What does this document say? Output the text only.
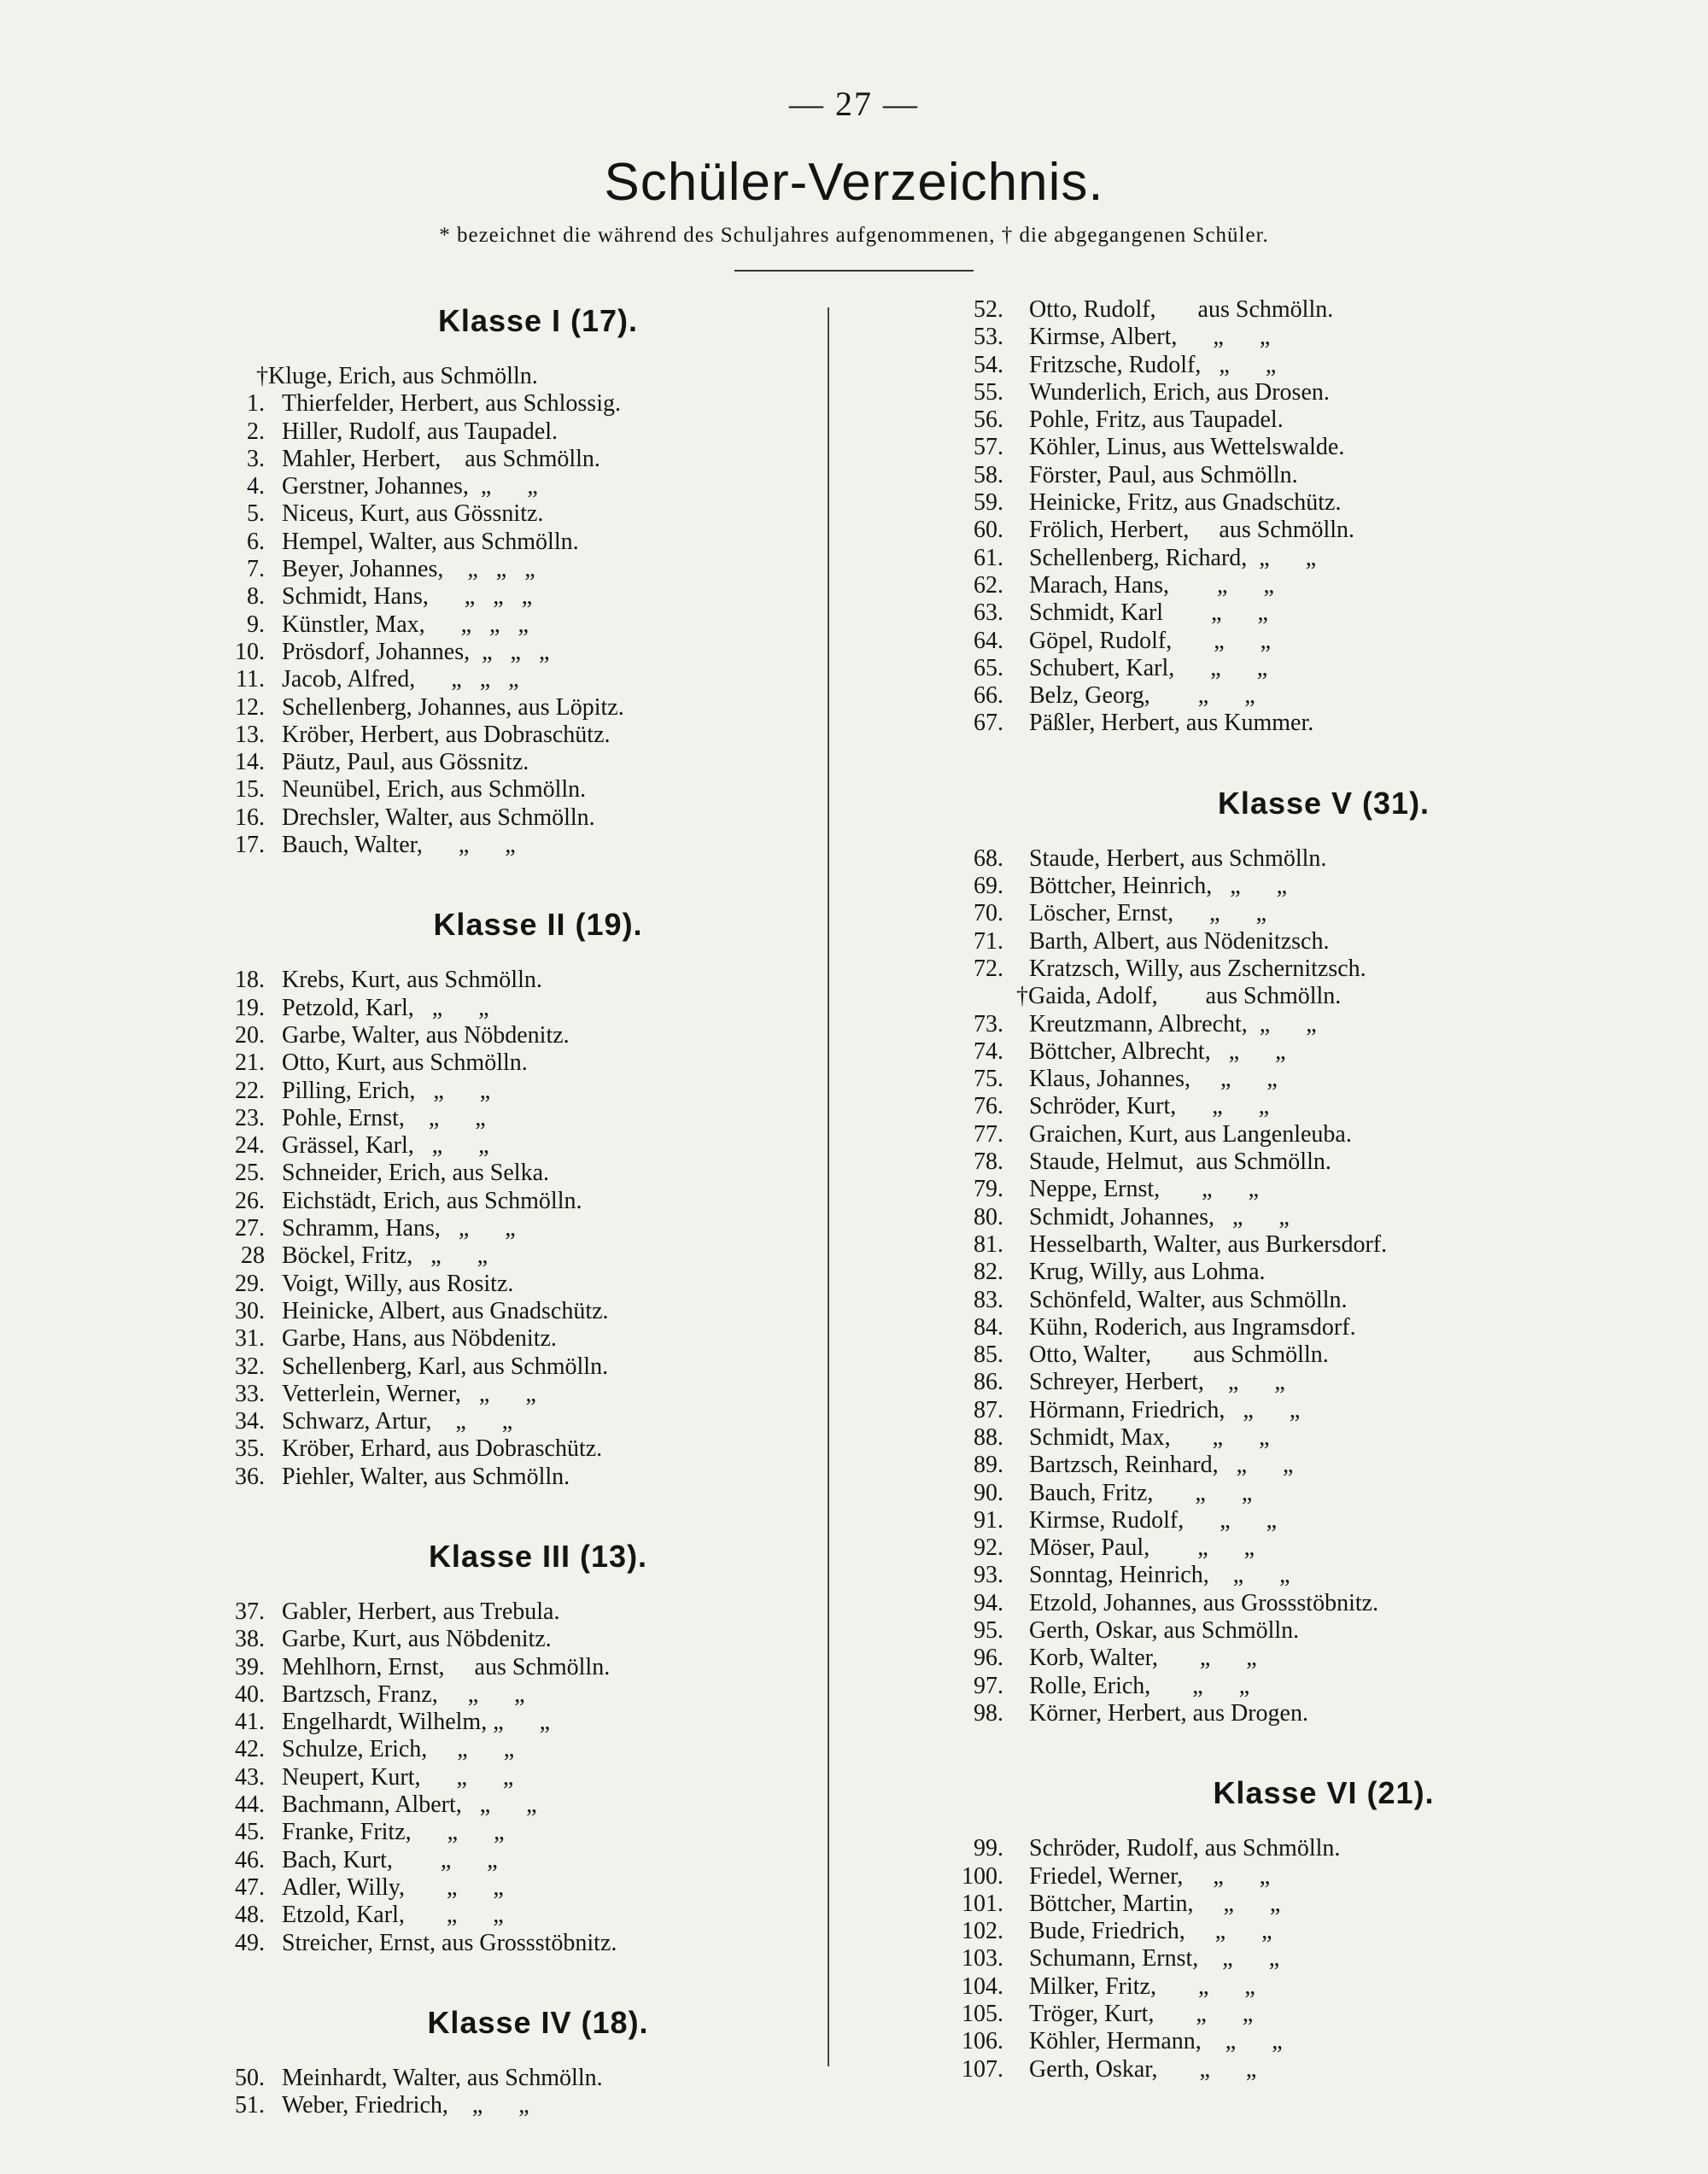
— 27 —
Schüler-Verzeichnis.
* bezeichnet die während des Schuljahres aufgenommenen, † die abgegangenen Schüler.
Klasse I (17).
†Kluge, Erich, aus Schmölln.
1. Thierfelder, Herbert, aus Schlossig.
2. Hiller, Rudolf, aus Taupadel.
3. Mahler, Herbert,    aus Schmölln.
4. Gerstner, Johannes,  „      „
5. Niceus, Kurt, aus Gössnitz.
6. Hempel, Walter, aus Schmölln.
7. Beyer, Johannes,    „   „   „
8. Schmidt, Hans,      „   „   „
9. Künstler, Max,      „   „   „
10. Prösdorf, Johannes,  „   „   „
11. Jacob, Alfred,      „   „   „
12. Schellenberg, Johannes, aus Löpitz.
13. Kröber, Herbert, aus Dobraschütz.
14. Päutz, Paul, aus Gössnitz.
15. Neunübel, Erich, aus Schmölln.
16. Drechsler, Walter, aus Schmölln.
17. Bauch, Walter,      „      „
Klasse II (19).
18. Krebs, Kurt, aus Schmölln.
19. Petzold, Karl,   „      „
20. Garbe, Walter, aus Nöbdenitz.
21. Otto, Kurt, aus Schmölln.
22. Pilling, Erich,   „      „
23. Pohle, Ernst,    „      „
24. Grässel, Karl,   „      „
25. Schneider, Erich, aus Selka.
26. Eichstädt, Erich, aus Schmölln.
27. Schramm, Hans,   „      „
28 Böckel, Fritz,   „      „
29. Voigt, Willy, aus Rositz.
30. Heinicke, Albert, aus Gnadschütz.
31. Garbe, Hans, aus Nöbdenitz.
32. Schellenberg, Karl, aus Schmölln.
33. Vetterlein, Werner,   „      „
34. Schwarz, Artur,    „      „
35. Kröber, Erhard, aus Dobraschütz.
36. Piehler, Walter, aus Schmölln.
Klasse III (13).
37. Gabler, Herbert, aus Trebula.
38. Garbe, Kurt, aus Nöbdenitz.
39. Mehlhorn, Ernst,     aus Schmölln.
40. Bartzsch, Franz,     „      „
41. Engelhardt, Wilhelm, „      „
42. Schulze, Erich,     „      „
43. Neupert, Kurt,      „      „
44. Bachmann, Albert,   „      „
45. Franke, Fritz,      „      „
46. Bach, Kurt,        „      „
47. Adler, Willy,       „      „
48. Etzold, Karl,       „      „
49. Streicher, Ernst, aus Grossstöbnitz.
Klasse IV (18).
50. Meinhardt, Walter, aus Schmölln.
51. Weber, Friedrich,    „      „
52. Otto, Rudolf,       aus Schmölln.
53. Kirmse, Albert,      „      „
54. Fritzsche, Rudolf,   „      „
55. Wunderlich, Erich, aus Drosen.
56. Pohle, Fritz, aus Taupadel.
57. Köhler, Linus, aus Wettelswalde.
58. Förster, Paul, aus Schmölln.
59. Heinicke, Fritz, aus Gnadschütz.
60. Frölich, Herbert,     aus Schmölln.
61. Schellenberg, Richard,  „      „
62. Marach, Hans,        „      „
63. Schmidt, Karl        „      „
64. Göpel, Rudolf,       „      „
65. Schubert, Karl,      „      „
66. Belz, Georg,        „      „
67. Päßler, Herbert, aus Kummer.
Klasse V (31).
68. Staude, Herbert, aus Schmölln.
69. Böttcher, Heinrich,   „      „
70. Löscher, Ernst,      „      „
71. Barth, Albert, aus Nödenitzsch.
72. Kratzsch, Willy, aus Zschernitzsch.
†Gaida, Adolf,        aus Schmölln.
73. Kreutzmann, Albrecht,  „      „
74. Böttcher, Albrecht,   „      „
75. Klaus, Johannes,     „      „
76. Schröder, Kurt,      „      „
77. Graichen, Kurt, aus Langenleuba.
78. Staude, Helmut,  aus Schmölln.
79. Neppe, Ernst,       „      „
80. Schmidt, Johannes,   „      „
81. Hesselbarth, Walter, aus Burkersdorf.
82. Krug, Willy, aus Lohma.
83. Schönfeld, Walter, aus Schmölln.
84. Kühn, Roderich, aus Ingramsdorf.
85. Otto, Walter,       aus Schmölln.
86. Schreyer, Herbert,    „      „
87. Hörmann, Friedrich,   „      „
88. Schmidt, Max,       „      „
89. Bartzsch, Reinhard,   „      „
90. Bauch, Fritz,       „      „
91. Kirmse, Rudolf,      „      „
92. Möser, Paul,        „      „
93. Sonntag, Heinrich,    „      „
94. Etzold, Johannes, aus Grossstöbnitz.
95. Gerth, Oskar, aus Schmölln.
96. Korb, Walter,       „      „
97. Rolle, Erich,       „      „
98. Körner, Herbert, aus Drogen.
Klasse VI (21).
99. Schröder, Rudolf, aus Schmölln.
100. Friedel, Werner,     „      „
101. Böttcher, Martin,     „      „
102. Bude, Friedrich,     „      „
103. Schumann, Ernst,    „      „
104. Milker, Fritz,       „      „
105. Tröger, Kurt,       „      „
106. Köhler, Hermann,    „      „
107. Gerth, Oskar,       „      „
